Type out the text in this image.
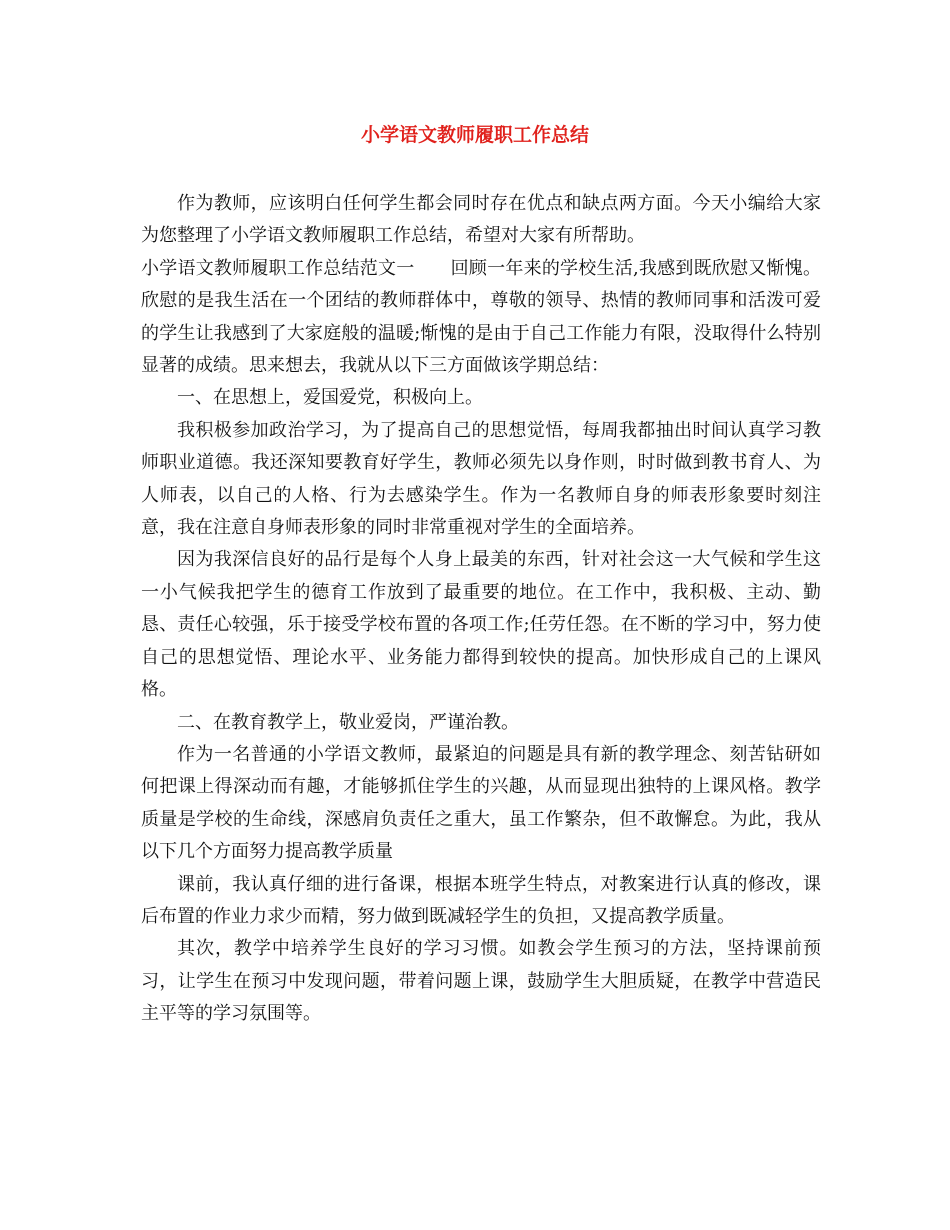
小学语文教师履职工作总结

作为教师，应该明白任何学生都会同时存在优点和缺点两方面。今天小编给大家为您整理了小学语文教师履职工作总结，希望对大家有所帮助。

小学语文教师履职工作总结范文一 回顾一年来的学校生活,我感到既欣慰又惭愧。欣慰的是我生活在一个团结的教师群体中，尊敬的领导、热情的教师同事和活泼可爱的学生让我感到了大家庭般的温暖;惭愧的是由于自己工作能力有限，没取得什么特别显著的成绩。思来想去，我就从以下三方面做该学期总结：

一、在思想上，爱国爱党，积极向上。

我积极参加政治学习，为了提高自己的思想觉悟，每周我都抽出时间认真学习教师职业道德。我还深知要教育好学生，教师必须先以身作则，时时做到教书育人、为人师表，以自己的人格、行为去感染学生。作为一名教师自身的师表形象要时刻注意，我在注意自身师表形象的同时非常重视对学生的全面培养。

因为我深信良好的品行是每个人身上最美的东西，针对社会这一大气候和学生这一小气候我把学生的德育工作放到了最重要的地位。在工作中，我积极、主动、勤恳、责任心较强，乐于接受学校布置的各项工作;任劳任怨。在不断的学习中，努力使自己的思想觉悟、理论水平、业务能力都得到较快的提高。加快形成自己的上课风格。

二、在教育教学上，敬业爱岗，严谨治教。

作为一名普通的小学语文教师，最紧迫的问题是具有新的教学理念、刻苦钻研如何把课上得深动而有趣，才能够抓住学生的兴趣，从而显现出独特的上课风格。教学质量是学校的生命线，深感肩负责任之重大，虽工作繁杂，但不敢懈怠。为此，我从以下几个方面努力提高教学质量

课前，我认真仔细的进行备课，根据本班学生特点，对教案进行认真的修改，课后布置的作业力求少而精，努力做到既减轻学生的负担，又提高教学质量。

其次，教学中培养学生良好的学习习惯。如教会学生预习的方法，坚持课前预习，让学生在预习中发现问题，带着问题上课，鼓励学生大胆质疑，在教学中营造民主平等的学习氛围等。
